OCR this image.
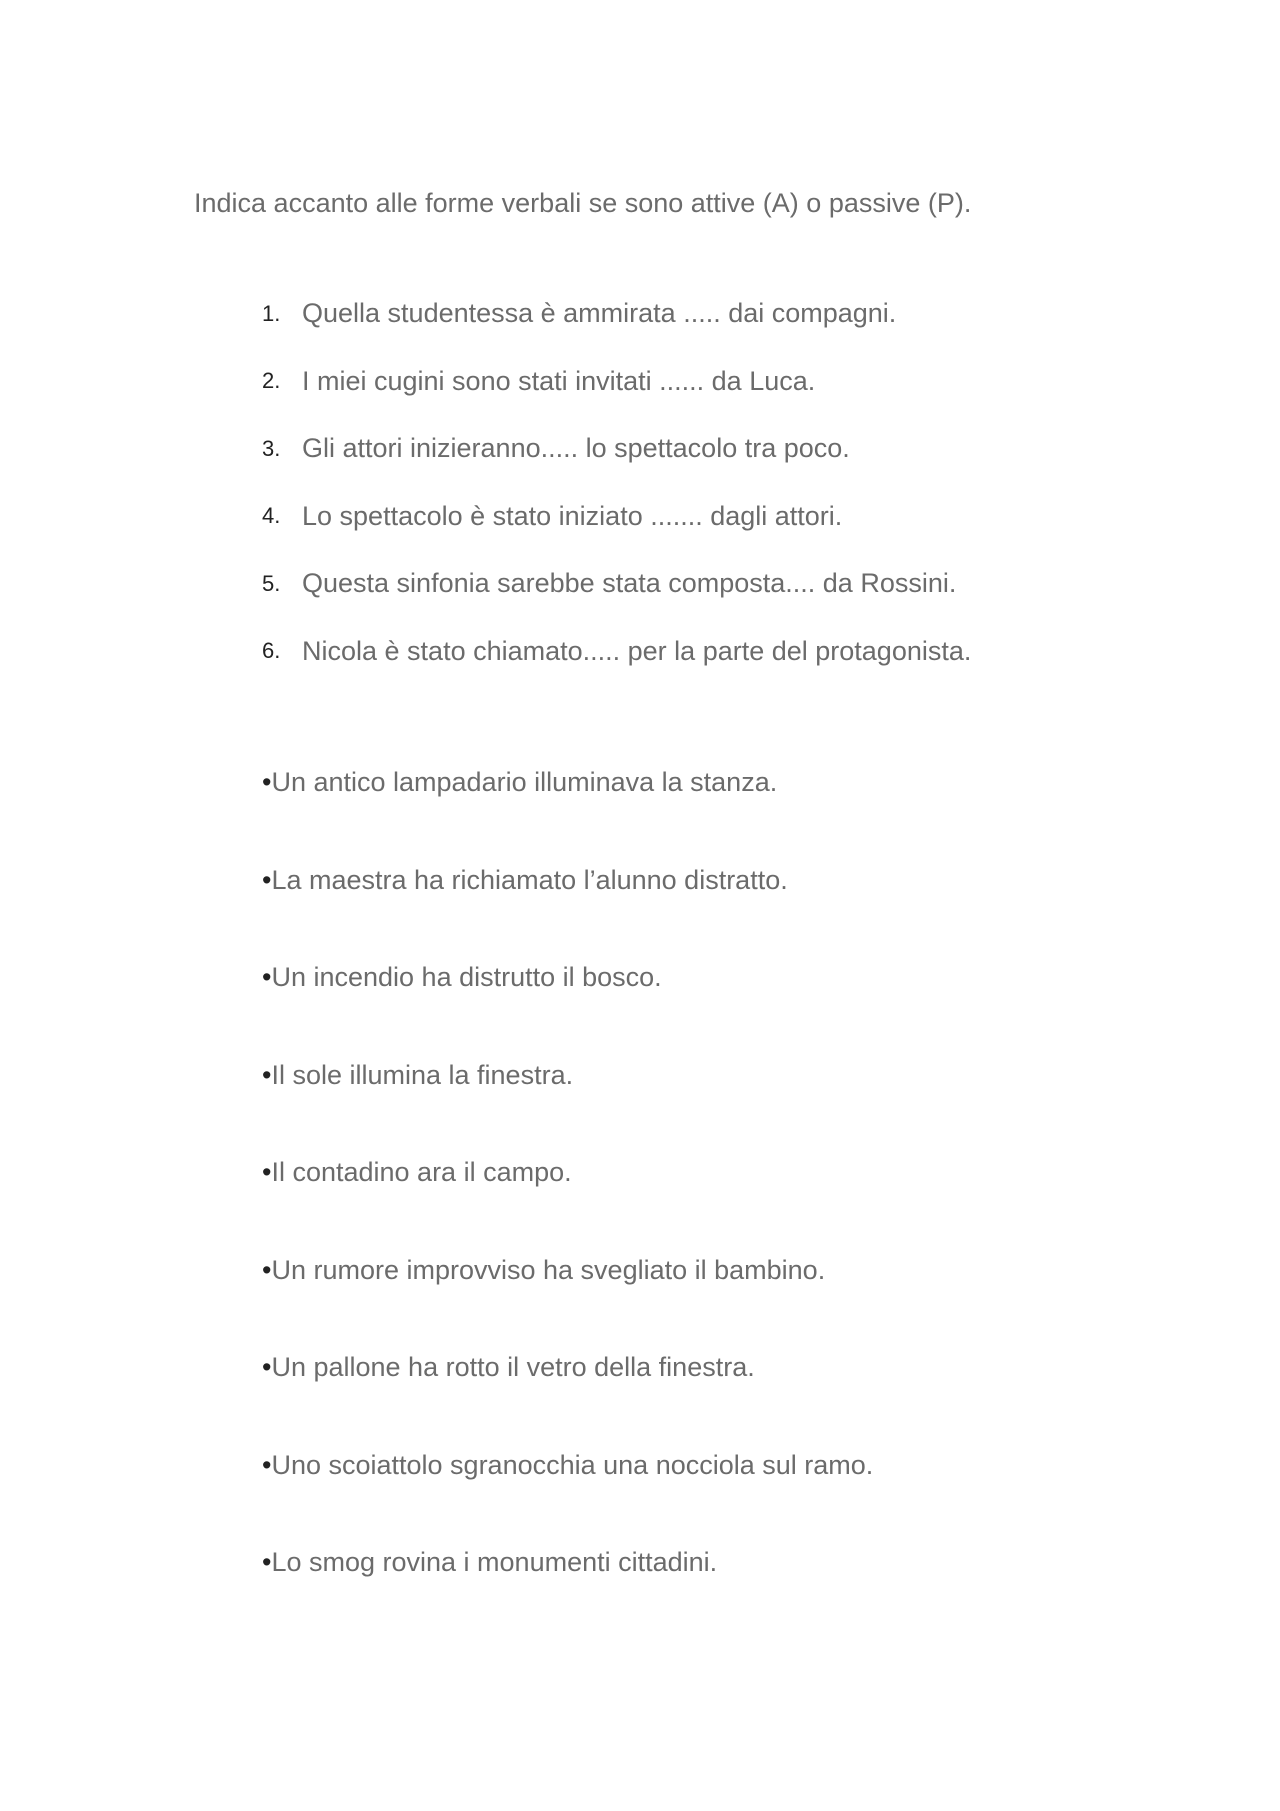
Indica accanto alle forme verbali se sono attive (A) o passive (P).

1. Quella studentessa è ammirata ..... dai compagni.
2. I miei cugini sono stati invitati ...... da Luca.
3. Gli attori inizieranno..... lo spettacolo tra poco.
4. Lo spettacolo è stato iniziato ....... dagli attori.
5. Questa sinfonia sarebbe stata composta.... da Rossini.
6. Nicola è stato chiamato..... per la parte del protagonista.
• Un antico lampadario illuminava la stanza.
• La maestra ha richiamato l’alunno distratto.
• Un incendio ha distrutto il bosco.
• Il sole illumina la finestra.
• Il contadino ara il campo.
• Un rumore improvviso ha svegliato il bambino.
• Un pallone ha rotto il vetro della finestra.
• Uno scoiattolo sgranocchia una nocciola sul ramo.
• Lo smog rovina i monumenti cittadini.
